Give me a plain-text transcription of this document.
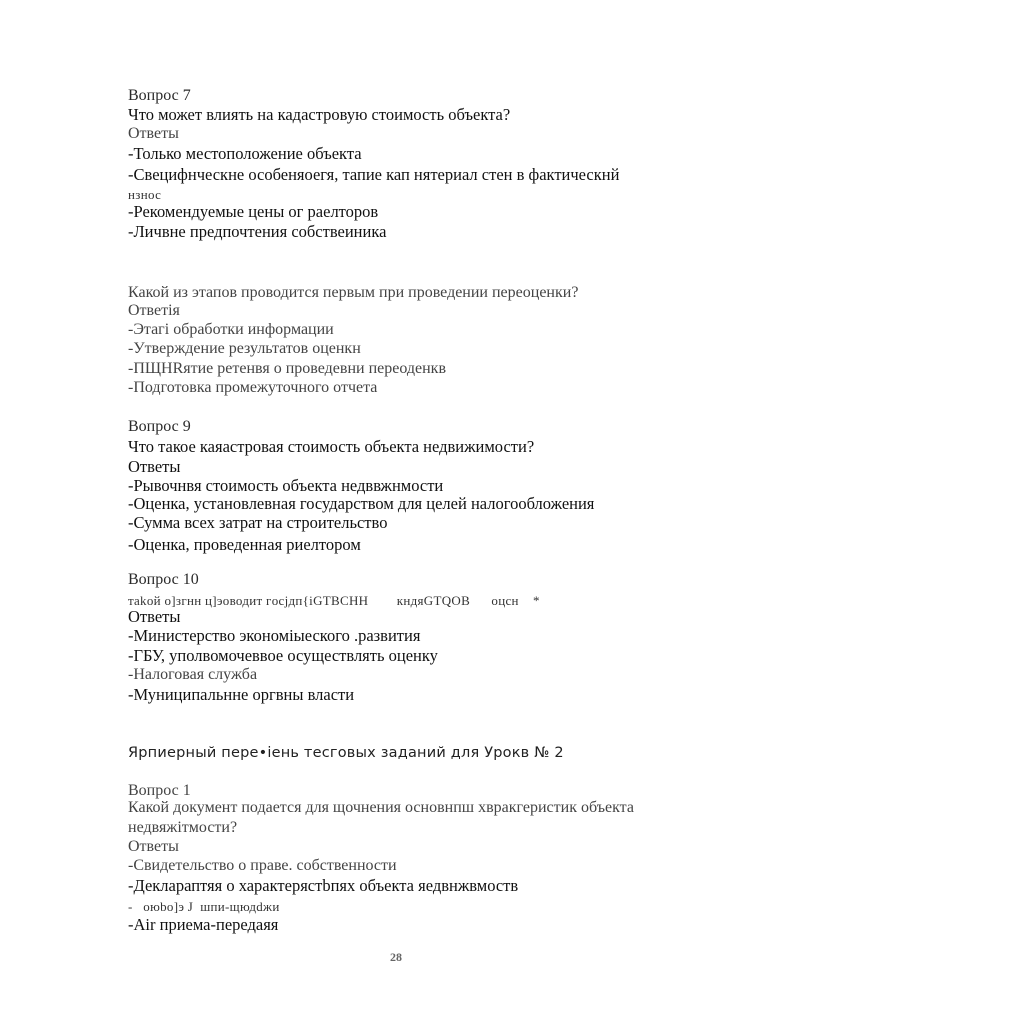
Вопрос 7
Что может влиять на кадастровую стоимость объекта?
Ответы
-Только местоположение объекта
-Свецифнческне особеняоегя, тапие кап нятериал стен в фактическнй
нзнос
-Рекомендуемые цены ог раелторов
-Личвне предпочтения собствеиника
Какой из этапов проводится первым при проведении переоценки?
Ответія
-Этагі обработки информации
-Утверждение результатов оценкн
-ПЩНRятие ретенвя о проведевни переоденкв
-Подготовка промежуточного отчета
Вопрос 9
Что такое каяастровая стоимость объекта недвижимости?
Ответы
-Рывочнвя стоимость объекта недввжнмости
-Оценка, установлевная государством для целей налогообложения
-Сумма всех затрат на строительство
-Оценка, проведенная риелтором
Вопрос 10
тakой о]згнн ц]эоводит гocjдп{iGTBCHH        кндяGTQOB      оцсн    *
Ответы
-Министерство экономіыеского .развития
-ГБУ, уполвомочеввое осуществлять оценку
-Налоговая служба
-Муниципальнне оргвны власти
Ярпиерный пере•іень тесговых заданий для Урокв № 2
Вопрос 1
Какой документ подается для щочнения основнпш хвракгеристик объекта
недвяжітмости?
Ответы
-Свидетельство о праве. собственности
-Деклараптяя о характерястbпях объекта яедвнжвмоств
-   oюbo]э J  шпи-щюдdжи
-Air приема-передаяя
28
